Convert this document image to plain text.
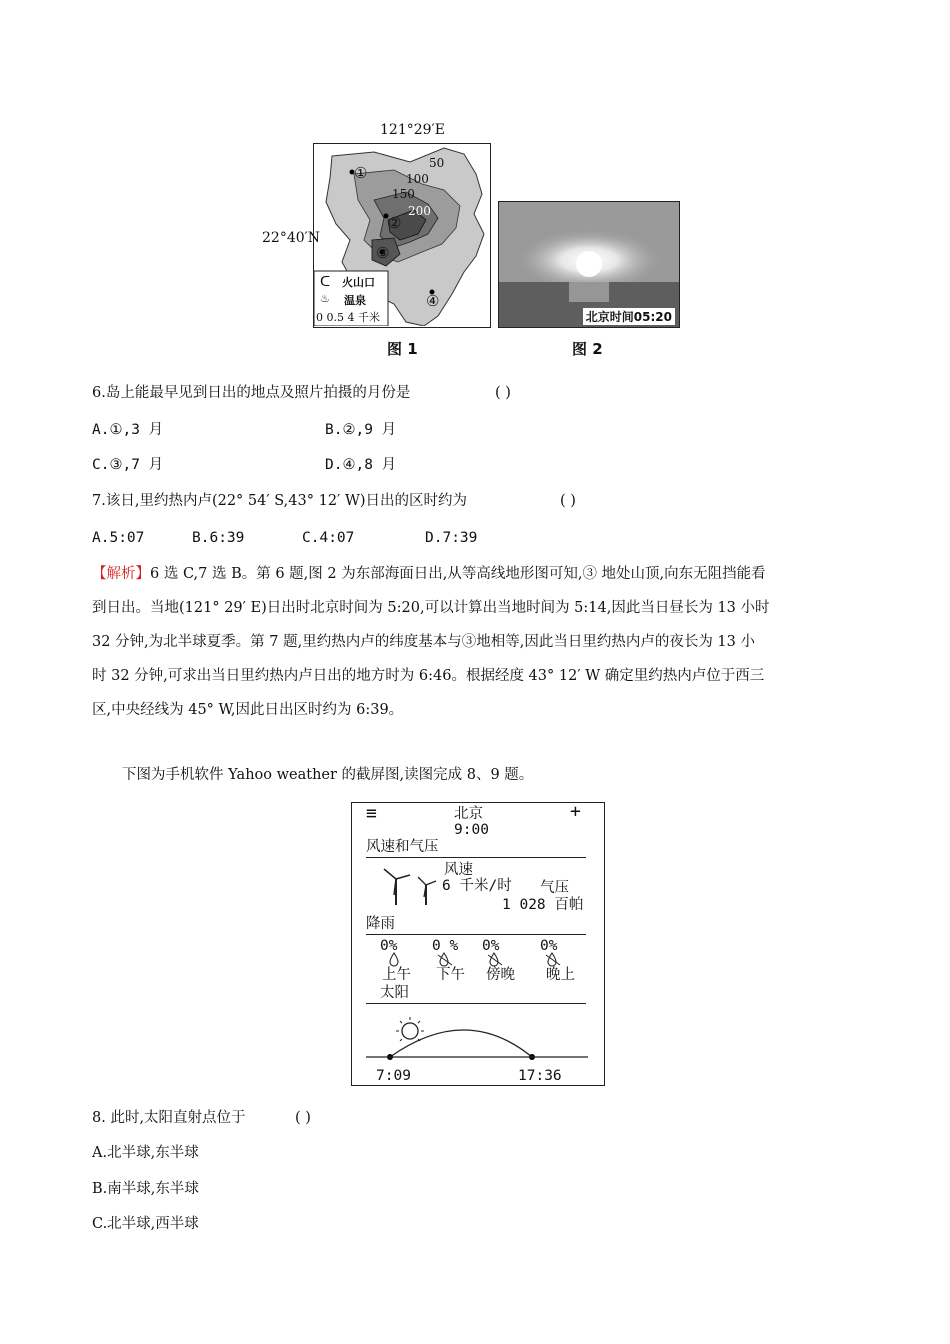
121°29′E
22°40′N
50
100
150
200
①
②
③
④
ᑕ 火山口
♨ 温泉
0 0.5 4 千米
图 1
北京时间05:20
图 2
6.岛上能最早见到日出的地点及照片拍摄的月份是	( )
A.①,3 月	B.②,9 月
C.③,7 月	D.④,8 月
7.该日,里约热内卢(22° 54′ S,43° 12′ W)日出的区时约为	( )
A.5:07	B.6:39	C.4:07	D.7:39
【解析】6 选 C,7 选 B。第 6 题,图 2 为东部海面日出,从等高线地形图可知,③ 地处山顶,向东无阻挡能看
到日出。当地(121° 29′ E)日出时北京时间为 5:20,可以计算出当地时间为 5:14,因此当日昼长为 13 小时
32 分钟,为北半球夏季。第 7 题,里约热内卢的纬度基本与③地相等,因此当日里约热内卢的夜长为 13 小
时 32 分钟,可求出当日里约热内卢日出的地方时为 6:46。根据经度 43° 12′ W 确定里约热内卢位于西三
区,中央经线为 45° W,因此日出区时约为 6:39。
下图为手机软件 Yahoo weather 的截屏图,读图完成 8、9 题。
≡	北京
9:00
+
风速和气压
风速
6 千米/时 气压
1 028 百帕
降雨
0% 0 % 0%	0%
上午 下午 傍晚 晚上
太阳
7:09	17:36
8. 此时,太阳直射点位于	( )
A.北半球,东半球
B.南半球,东半球
C.北半球,西半球
